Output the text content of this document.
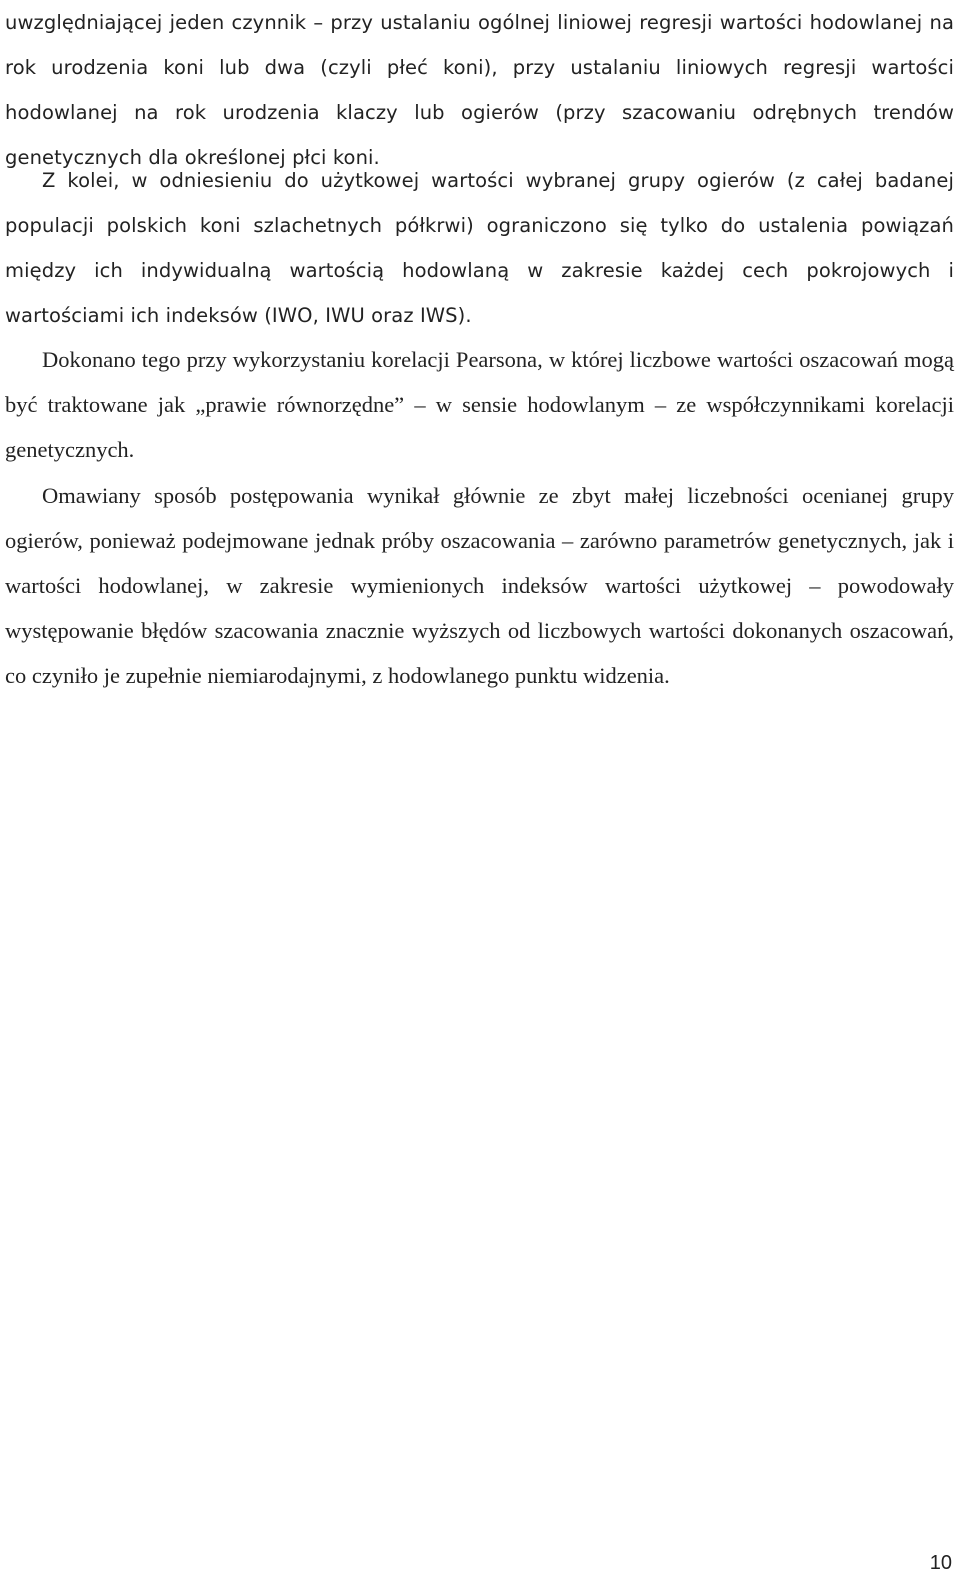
uwzględniającej jeden czynnik – przy ustalaniu ogólnej liniowej regresji wartości hodowlanej na rok urodzenia koni lub dwa (czyli płeć koni), przy ustalaniu liniowych regresji wartości hodowlanej na rok urodzenia klaczy lub ogierów (przy szacowaniu odrębnych trendów genetycznych dla określonej płci koni.

Z kolei, w odniesieniu do użytkowej wartości wybranej grupy ogierów (z całej badanej populacji polskich koni szlachetnych półkrwi) ograniczono się tylko do ustalenia powiązań między ich indywidualną wartością hodowlaną w zakresie każdej cech pokrojowych i wartościami ich indeksów (IWO, IWU oraz IWS).

Dokonano tego przy wykorzystaniu korelacji Pearsona, w której liczbowe wartości oszacowań mogą być traktowane jak „prawie równorzędne” – w sensie hodowlanym – ze współczynnikami korelacji genetycznych.

Omawiany sposób postępowania wynikał głównie ze zbyt małej liczebności ocenianej grupy ogierów, ponieważ podejmowane jednak próby oszacowania – zarówno parametrów genetycznych, jak i wartości hodowlanej, w zakresie wymienionych indeksów wartości użytkowej – powodowały występowanie błędów szacowania znacznie wyższych od liczbowych wartości dokonanych oszacowań, co czyniło je zupełnie niemiarodajnymi, z hodowlanego punktu widzenia.

10
